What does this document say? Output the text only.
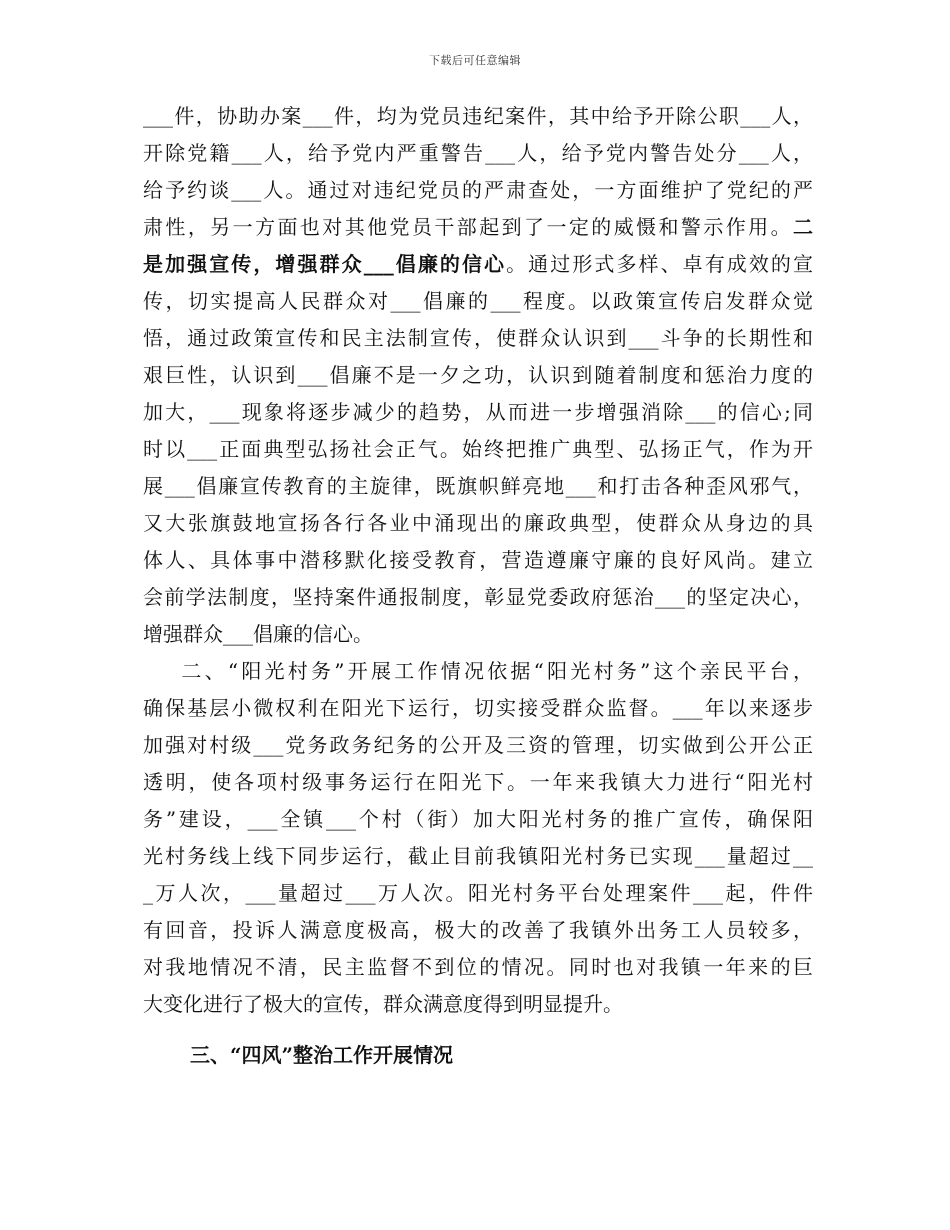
下载后可任意编辑
___件，协助办案___件，均为党员违纪案件，其中给予开除公职___人，
开除党籍___人，给予党内严重警告___人，给予党内警告处分___人，
给予约谈___人。通过对违纪党员的严肃查处，一方面维护了党纪的严
肃性，另一方面也对其他党员干部起到了一定的威慑和警示作用。二
是加强宣传，增强群众___倡廉的信心。通过形式多样、卓有成效的宣
传，切实提高人民群众对___倡廉的___程度。以政策宣传启发群众觉
悟，通过政策宣传和民主法制宣传，使群众认识到___斗争的长期性和
艰巨性，认识到___倡廉不是一夕之功，认识到随着制度和惩治力度的
加大，___现象将逐步减少的趋势，从而进一步增强消除___的信心;同
时以___正面典型弘扬社会正气。始终把推广典型、弘扬正气，作为开
展___倡廉宣传教育的主旋律，既旗帜鲜亮地___和打击各种歪风邪气，
又大张旗鼓地宣扬各行各业中涌现出的廉政典型，使群众从身边的具
体人、具体事中潜移默化接受教育，营造遵廉守廉的良好风尚。建立
会前学法制度，坚持案件通报制度，彰显党委政府惩治___的坚定决心，
增强群众___倡廉的信心。
二、“阳光村务”开展工作情况依据“阳光村务”这个亲民平台，
确保基层小微权利在阳光下运行，切实接受群众监督。___年以来逐步
加强对村级___党务政务纪务的公开及三资的管理，切实做到公开公正
透明，使各项村级事务运行在阳光下。一年来我镇大力进行“阳光村
务”建设，___全镇___个村（街）加大阳光村务的推广宣传，确保阳
光村务线上线下同步运行，截止目前我镇阳光村务已实现___量超过__
_万人次，___量超过___万人次。阳光村务平台处理案件___起，件件
有回音，投诉人满意度极高，极大的改善了我镇外出务工人员较多，
对我地情况不清，民主监督不到位的情况。同时也对我镇一年来的巨
大变化进行了极大的宣传，群众满意度得到明显提升。
三、“四风”整治工作开展情况
